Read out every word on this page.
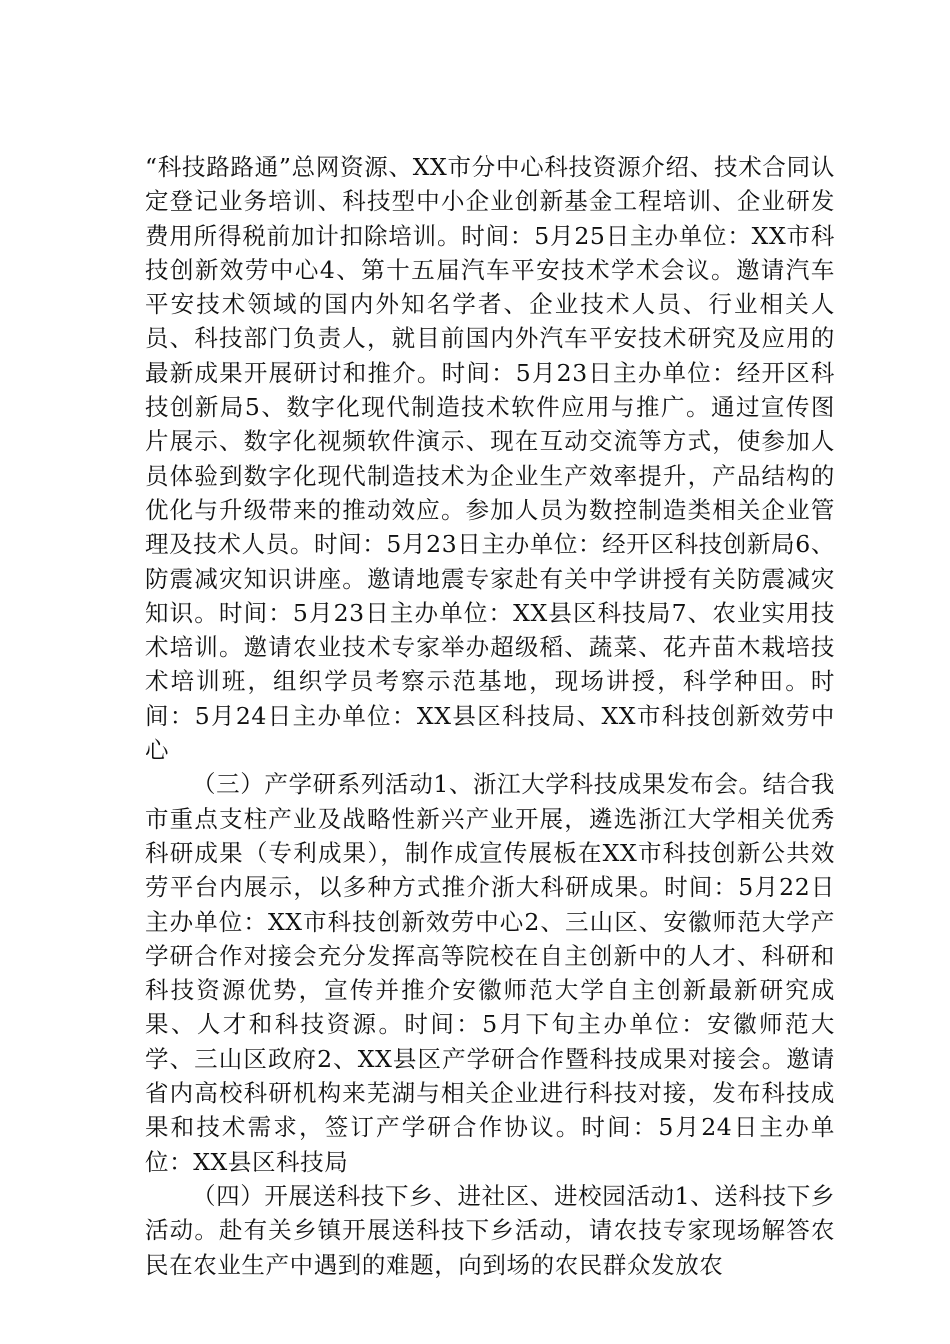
“科技路路通”总网资源、XX市分中心科技资源介绍、技术合同认定登记业务培训、科技型中小企业创新基金工程培训、企业研发费用所得税前加计扣除培训。时间：5月25日主办单位：XX市科技创新效劳中心4、第十五届汽车平安技术学术会议。邀请汽车平安技术领域的国内外知名学者、企业技术人员、行业相关人员、科技部门负责人，就目前国内外汽车平安技术研究及应用的最新成果开展研讨和推介。时间：5月23日主办单位：经开区科技创新局5、数字化现代制造技术软件应用与推广。通过宣传图片展示、数字化视频软件演示、现在互动交流等方式，使参加人员体验到数字化现代制造技术为企业生产效率提升，产品结构的优化与升级带来的推动效应。参加人员为数控制造类相关企业管理及技术人员。时间：5月23日主办单位：经开区科技创新局6、防震减灾知识讲座。邀请地震专家赴有关中学讲授有关防震减灾知识。时间：5月23日主办单位：XX县区科技局7、农业实用技术培训。邀请农业技术专家举办超级稻、蔬菜、花卉苗木栽培技术培训班，组织学员考察示范基地，现场讲授，科学种田。时间：5月24日主办单位：XX县区科技局、XX市科技创新效劳中心

（三）产学研系列活动1、浙江大学科技成果发布会。结合我市重点支柱产业及战略性新兴产业开展，遴选浙江大学相关优秀科研成果（专利成果），制作成宣传展板在XX市科技创新公共效劳平台内展示，以多种方式推介浙大科研成果。时间：5月22日主办单位：XX市科技创新效劳中心2、三山区、安徽师范大学产学研合作对接会充分发挥高等院校在自主创新中的人才、科研和科技资源优势，宣传并推介安徽师范大学自主创新最新研究成果、人才和科技资源。时间：5月下旬主办单位：安徽师范大学、三山区政府2、XX县区产学研合作暨科技成果对接会。邀请省内高校科研机构来芜湖与相关企业进行科技对接，发布科技成果和技术需求，签订产学研合作协议。时间：5月24日主办单位：XX县区科技局

（四）开展送科技下乡、进社区、进校园活动1、送科技下乡活动。赴有关乡镇开展送科技下乡活动，请农技专家现场解答农民在农业生产中遇到的难题，向到场的农民群众发放农
